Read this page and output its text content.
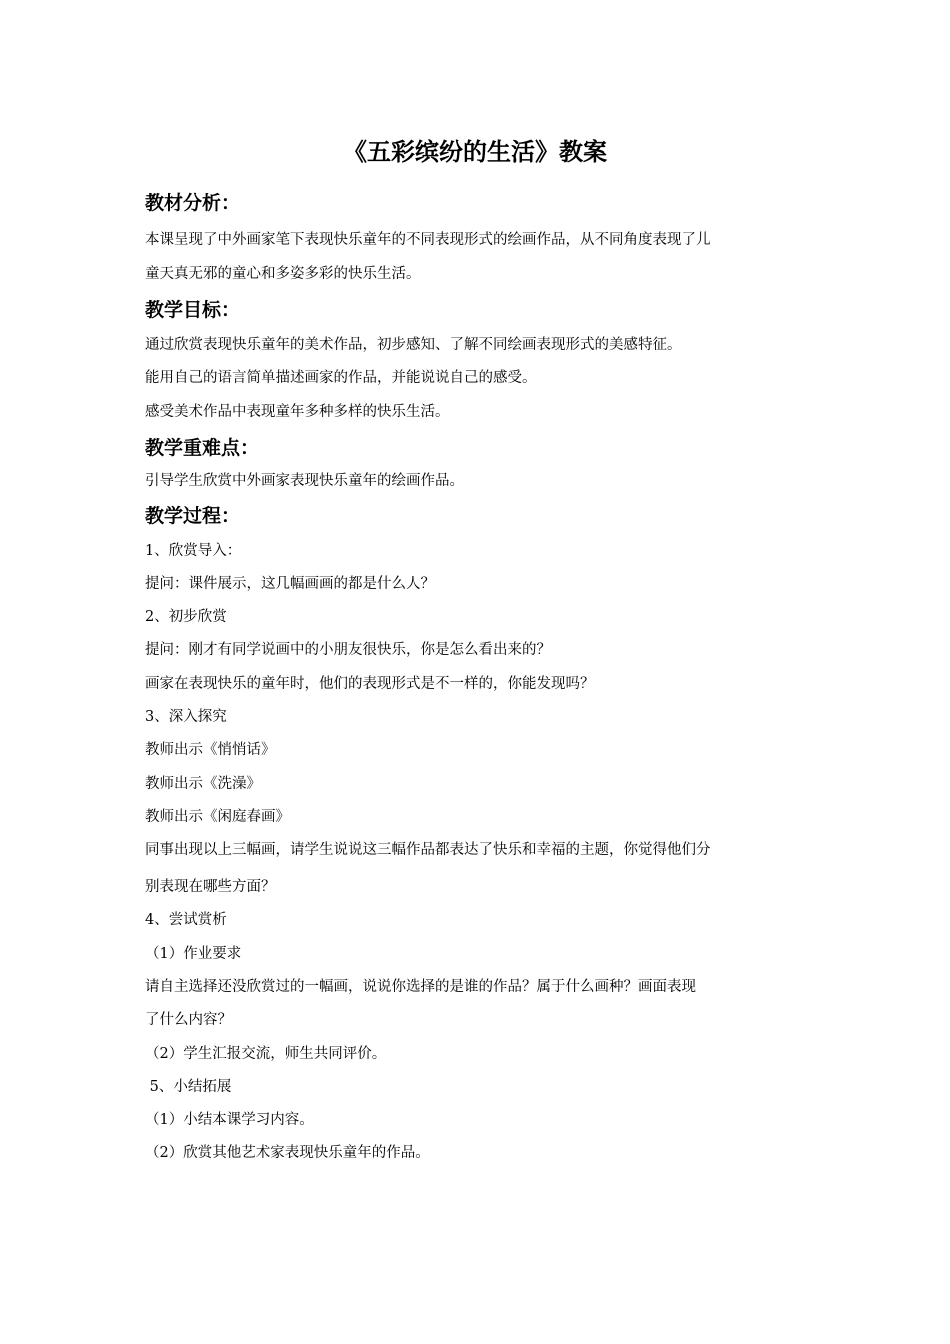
《五彩缤纷的生活》教案
教材分析：
本课呈现了中外画家笔下表现快乐童年的不同表现形式的绘画作品，从不同角度表现了儿
童天真无邪的童心和多姿多彩的快乐生活。
教学目标：
通过欣赏表现快乐童年的美术作品，初步感知、了解不同绘画表现形式的美感特征。
能用自己的语言简单描述画家的作品，并能说说自己的感受。
感受美术作品中表现童年多种多样的快乐生活。
教学重难点：
引导学生欣赏中外画家表现快乐童年的绘画作品。
教学过程：
1、欣赏导入：
提问：课件展示，这几幅画画的都是什么人？
2、初步欣赏
提问：刚才有同学说画中的小朋友很快乐，你是怎么看出来的？
画家在表现快乐的童年时，他们的表现形式是不一样的，你能发现吗？
3、深入探究
教师出示《悄悄话》
教师出示《洗澡》
教师出示《闲庭春画》
同事出现以上三幅画，请学生说说这三幅作品都表达了快乐和幸福的主题，你觉得他们分
别表现在哪些方面？
4、尝试赏析
（1）作业要求
请自主选择还没欣赏过的一幅画，说说你选择的是谁的作品？属于什么画种？画面表现
了什么内容？
（2）学生汇报交流，师生共同评价。
5、小结拓展
（1）小结本课学习内容。
（2）欣赏其他艺术家表现快乐童年的作品。
